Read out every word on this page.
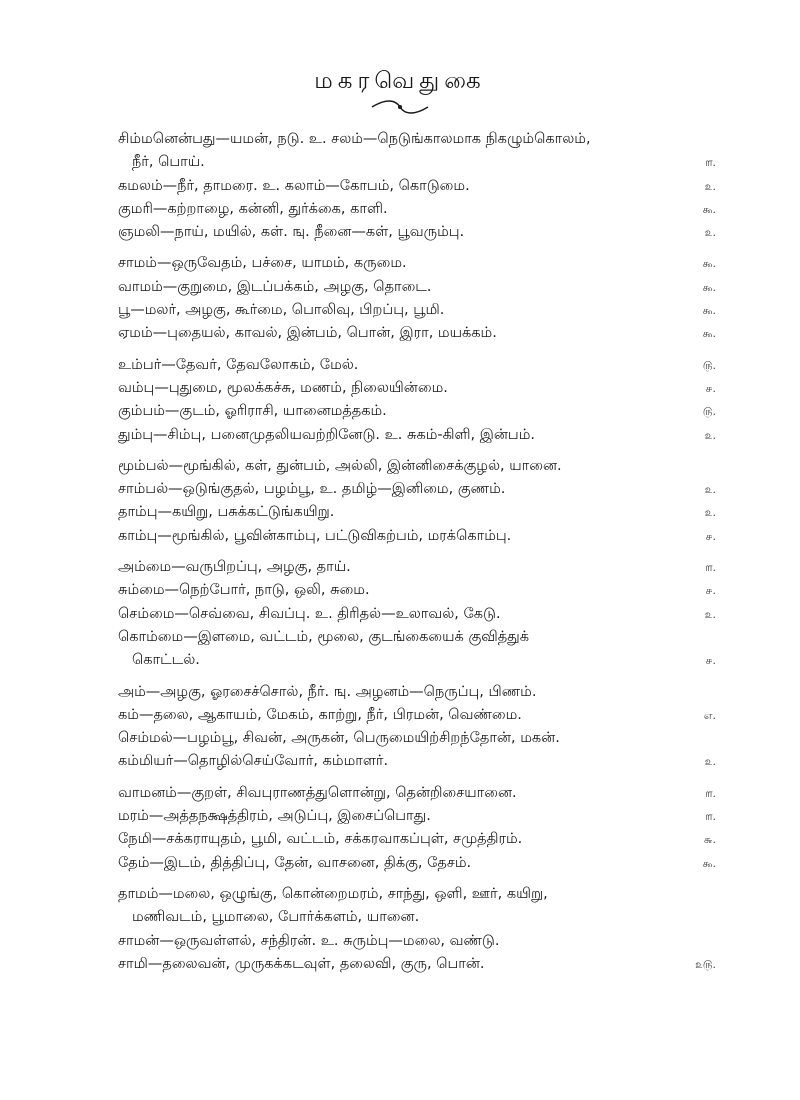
மகரவெதுகை
சிம்மனென்பது—யமன், நடு. உ. சலம்—நெடுங்காலமாக நிகழும்கொலம்,
நீர், பொய்.	௱.
கமலம்—நீர், தாமரை. உ. கலாம்—கோபம், கொடுமை.	௨.
குமரி—கற்றாழை, கன்னி, துர்க்கை, காளி.	௯.
ஞமலி—நாய், மயில், கள். ஙு. நீனை—கள், பூவரும்பு.	௨.
சாமம்—ஒருவேதம், பச்சை, யாமம், கருமை.	௯.
வாமம்—குறுமை, இடப்பக்கம், அழகு, தொடை.	௯.
பூ—மலர், அழகு, கூர்மை, பொலிவு, பிறப்பு, பூமி.	௯.
ஏமம்—புதையல், காவல், இன்பம், பொன், இரா, மயக்கம்.	௯.
உம்பர்—தேவர், தேவலோகம், மேல்.	௫.
வம்பு—புதுமை, மூலக்கச்சு, மணம், நிலையின்மை.	௪.
கும்பம்—குடம், ஓரிராசி, யானைமத்தகம்.	௫.
தும்பு—சிம்பு, பனைமுதலியவற்றினேடு. உ. சுகம்-கிளி, இன்பம்.	௨.
மூம்பல்—மூங்கில், கள், துன்பம், அல்லி, இன்னிசைக்குழல், யானை.
சாம்பல்—ஒடுங்குதல், பழம்பூ, உ. தமிழ்—இனிமை, குணம்.	௨.
தாம்பு—கயிறு, பசுக்கட்டுங்கயிறு.	௨.
காம்பு—மூங்கில், பூவின்காம்பு, பட்டுவிகற்பம், மரக்கொம்பு.	௪.
அம்மை—வருபிறப்பு, அழகு, தாய்.	௱.
சும்மை—நெற்போர், நாடு, ஒலி, சுமை.	௪.
செம்மை—செவ்வை, சிவப்பு. உ. திரிதல்—உலாவல், கேடு.	௨.
கொம்மை—இளமை, வட்டம், மூலை, குடங்கையைக் குவித்துக்
கொட்டல்.	௪.
அம்—அழகு, ஓரசைச்சொல், நீர். ஙு. அழனம்—நெருப்பு, பிணம்.
கம்—தலை, ஆகாயம், மேகம், காற்று, நீர், பிரமன், வெண்மை.	எ.
செம்மல்—பழம்பூ, சிவன், அருகன், பெருமையிற்சிறந்தோன், மகன்.
கம்மியர்—தொழில்செய்வோர், கம்மாளர்.	௨.
வாமனம்—குறள், சிவபுராணத்துளொன்று, தென்றிசையானை.	௱.
மரம்—அத்தநக்ஷத்திரம், அடுப்பு, இசைப்பொது.	௱.
நேமி—சக்கராயுதம், பூமி, வட்டம், சக்கரவாகப்புள், சமுத்திரம்.	௬.
தேம்—இடம், தித்திப்பு, தேன், வாசனை, திக்கு, தேசம்.	௯.
தாமம்—மலை, ஒழுங்கு, கொன்றைமரம், சாந்து, ஒளி, ஊர், கயிறு,
மணிவடம், பூமாலை, போர்க்களம், யானை.
சாமன்—ஒருவள்ளல், சந்திரன். உ. சுரும்பு—மலை, வண்டு.
சாமி—தலைவன், முருகக்கடவுள், தலைவி, குரு, பொன்.	௨௫.
